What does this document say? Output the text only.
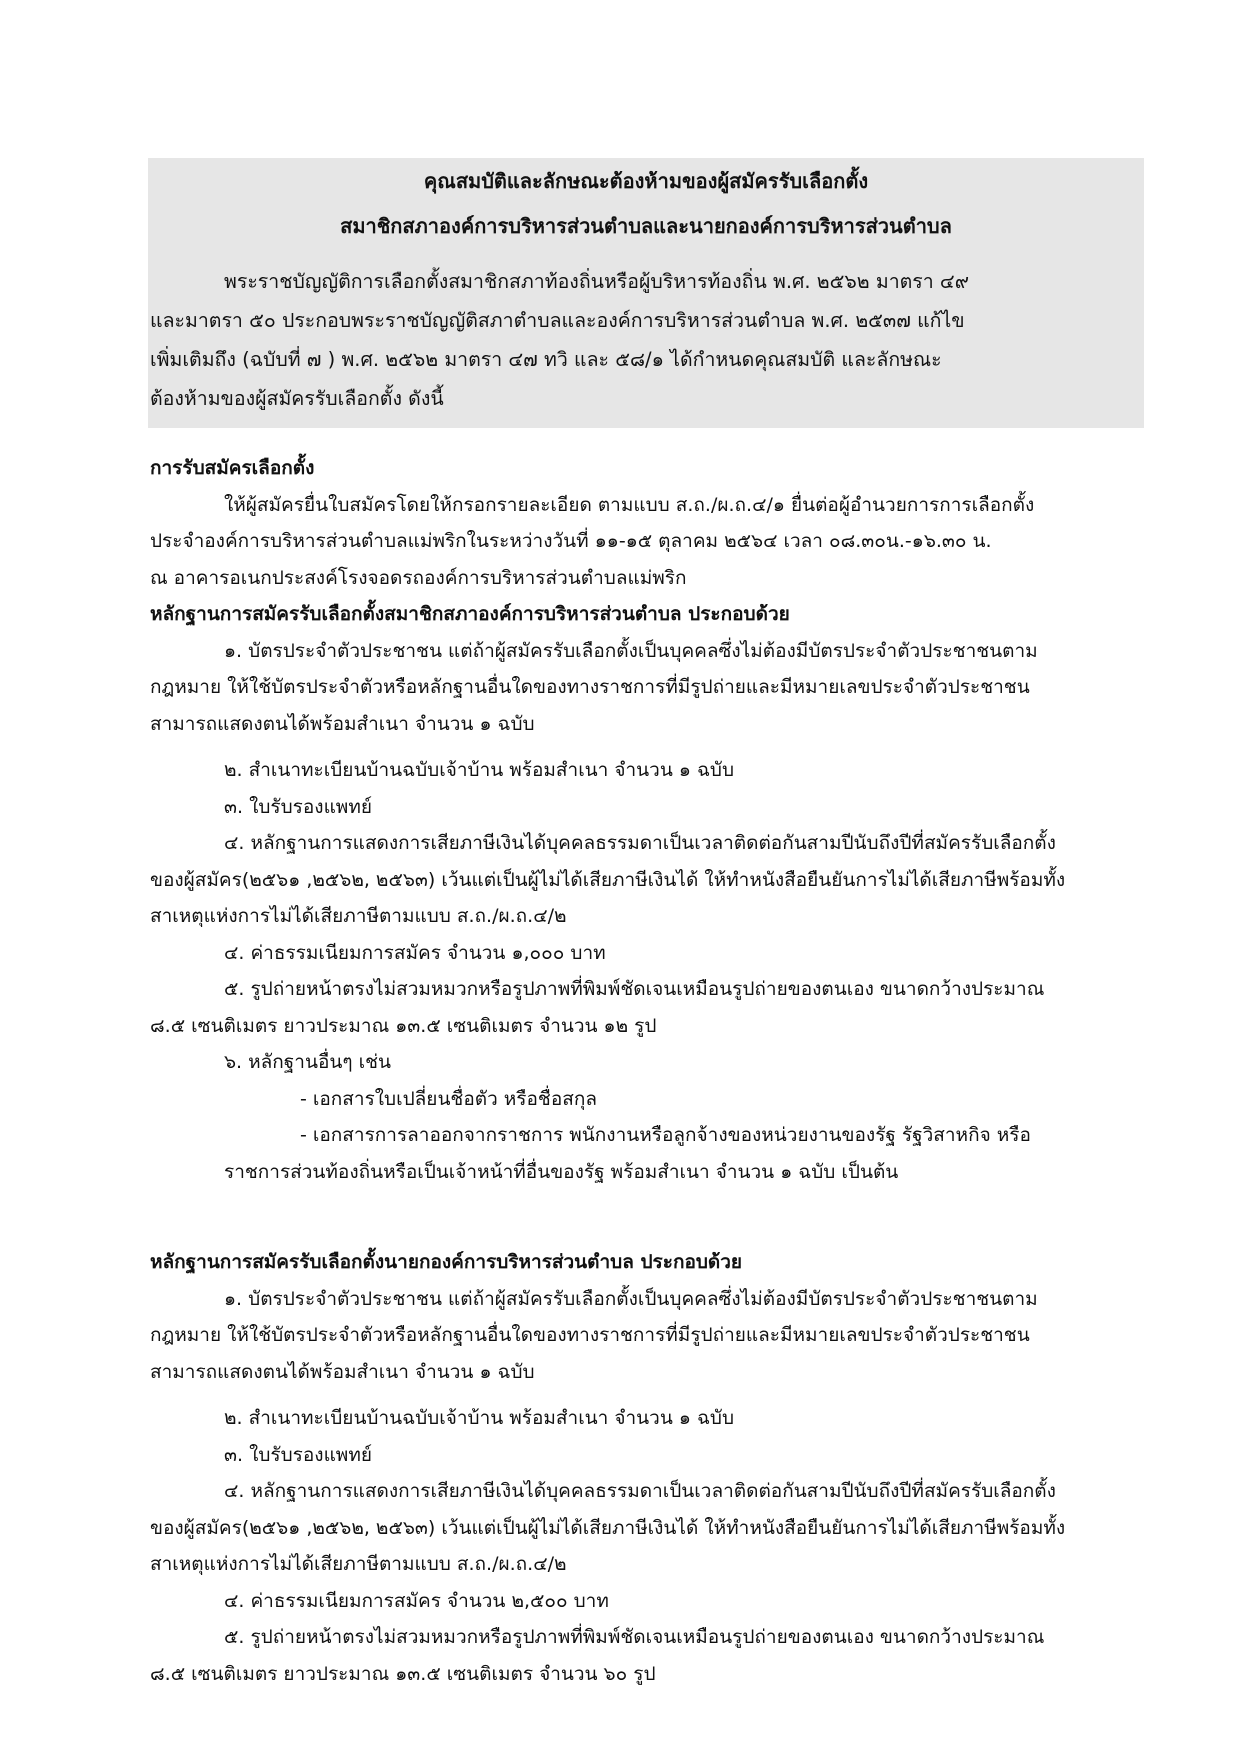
คุณสมบัติและลักษณะต้องห้ามของผู้สมัครรับเลือกตั้ง
สมาชิกสภาองค์การบริหารส่วนตำบลและนายกองค์การบริหารส่วนตำบล
พระราชบัญญัติการเลือกตั้งสมาชิกสภาท้องถิ่นหรือผู้บริหารท้องถิ่น พ.ศ. ๒๕๖๒ มาตรา ๔๙
และมาตรา ๕๐ ประกอบพระราชบัญญัติสภาตำบลและองค์การบริหารส่วนตำบล พ.ศ. ๒๕๓๗ แก้ไข
เพิ่มเติมถึง (ฉบับที่ ๗ ) พ.ศ. ๒๕๖๒ มาตรา ๔๗ ทวิ และ ๕๘/๑ ได้กำหนดคุณสมบัติ และลักษณะ
ต้องห้ามของผู้สมัครรับเลือกตั้ง ดังนี้
การรับสมัครเลือกตั้ง
ให้ผู้สมัครยื่นใบสมัครโดยให้กรอกรายละเอียด ตามแบบ ส.ถ./ผ.ถ.๔/๑ ยื่นต่อผู้อำนวยการการเลือกตั้ง
ประจำองค์การบริหารส่วนตำบลแม่พริกในระหว่างวันที่ ๑๑-๑๕ ตุลาคม ๒๕๖๔ เวลา ๐๘.๓๐น.-๑๖.๓๐ น.
ณ อาคารอเนกประสงค์โรงจอดรถองค์การบริหารส่วนตำบลแม่พริก
หลักฐานการสมัครรับเลือกตั้งสมาชิกสภาองค์การบริหารส่วนตำบล ประกอบด้วย
๑. บัตรประจำตัวประชาชน แต่ถ้าผู้สมัครรับเลือกตั้งเป็นบุคคลซึ่งไม่ต้องมีบัตรประจำตัวประชาชนตาม
กฎหมาย ให้ใช้บัตรประจำตัวหรือหลักฐานอื่นใดของทางราชการที่มีรูปถ่ายและมีหมายเลขประจำตัวประชาชน
สามารถแสดงตนได้พร้อมสำเนา จำนวน ๑ ฉบับ
๒. สำเนาทะเบียนบ้านฉบับเจ้าบ้าน พร้อมสำเนา จำนวน ๑ ฉบับ
๓. ใบรับรองแพทย์
๔. หลักฐานการแสดงการเสียภาษีเงินได้บุคคลธรรมดาเป็นเวลาติดต่อกันสามปีนับถึงปีที่สมัครรับเลือกตั้ง
ของผู้สมัคร(๒๕๖๑ ,๒๕๖๒, ๒๕๖๓) เว้นแต่เป็นผู้ไม่ได้เสียภาษีเงินได้ ให้ทำหนังสือยืนยันการไม่ได้เสียภาษีพร้อมทั้ง
สาเหตุแห่งการไม่ได้เสียภาษีตามแบบ ส.ถ./ผ.ถ.๔/๒
๔. ค่าธรรมเนียมการสมัคร จำนวน ๑,๐๐๐ บาท
๕. รูปถ่ายหน้าตรงไม่สวมหมวกหรือรูปภาพที่พิมพ์ชัดเจนเหมือนรูปถ่ายของตนเอง ขนาดกว้างประมาณ
๘.๕ เซนติเมตร ยาวประมาณ ๑๓.๕ เซนติเมตร จำนวน ๑๒ รูป
๖. หลักฐานอื่นๆ เช่น
- เอกสารใบเปลี่ยนชื่อตัว หรือชื่อสกุล
- เอกสารการลาออกจากราชการ พนักงานหรือลูกจ้างของหน่วยงานของรัฐ รัฐวิสาหกิจ หรือ
ราชการส่วนท้องถิ่นหรือเป็นเจ้าหน้าที่อื่นของรัฐ พร้อมสำเนา จำนวน ๑ ฉบับ เป็นต้น
หลักฐานการสมัครรับเลือกตั้งนายกองค์การบริหารส่วนตำบล ประกอบด้วย
๑. บัตรประจำตัวประชาชน แต่ถ้าผู้สมัครรับเลือกตั้งเป็นบุคคลซึ่งไม่ต้องมีบัตรประจำตัวประชาชนตาม
กฎหมาย ให้ใช้บัตรประจำตัวหรือหลักฐานอื่นใดของทางราชการที่มีรูปถ่ายและมีหมายเลขประจำตัวประชาชน
สามารถแสดงตนได้พร้อมสำเนา จำนวน ๑ ฉบับ
๒. สำเนาทะเบียนบ้านฉบับเจ้าบ้าน พร้อมสำเนา จำนวน ๑ ฉบับ
๓. ใบรับรองแพทย์
๔. หลักฐานการแสดงการเสียภาษีเงินได้บุคคลธรรมดาเป็นเวลาติดต่อกันสามปีนับถึงปีที่สมัครรับเลือกตั้ง
ของผู้สมัคร(๒๕๖๑ ,๒๕๖๒, ๒๕๖๓) เว้นแต่เป็นผู้ไม่ได้เสียภาษีเงินได้ ให้ทำหนังสือยืนยันการไม่ได้เสียภาษีพร้อมทั้ง
สาเหตุแห่งการไม่ได้เสียภาษีตามแบบ ส.ถ./ผ.ถ.๔/๒
๔. ค่าธรรมเนียมการสมัคร จำนวน ๒,๕๐๐ บาท
๕. รูปถ่ายหน้าตรงไม่สวมหมวกหรือรูปภาพที่พิมพ์ชัดเจนเหมือนรูปถ่ายของตนเอง ขนาดกว้างประมาณ
๘.๕ เซนติเมตร ยาวประมาณ ๑๓.๕ เซนติเมตร จำนวน ๖๐ รูป
